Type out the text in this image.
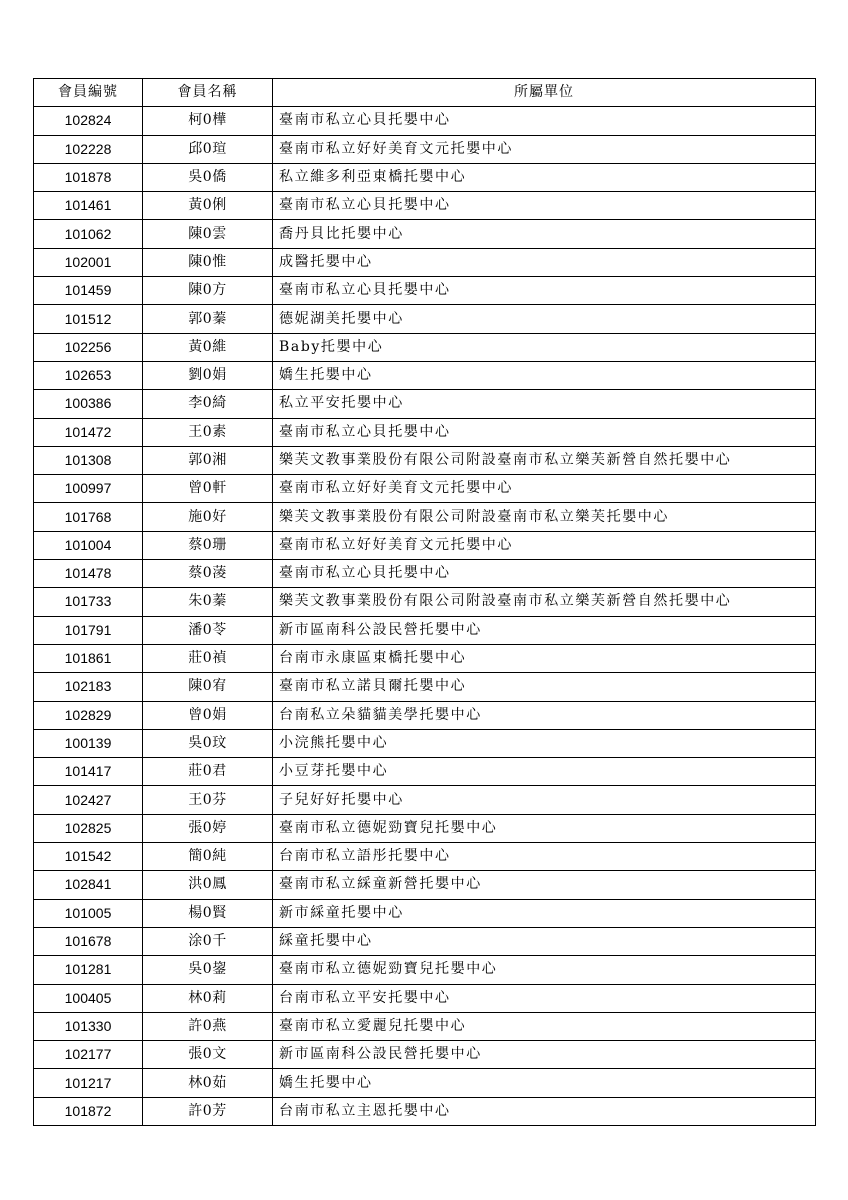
會員編號	會員名稱	所屬單位
102824	柯0樺	臺南市私立心貝托嬰中心
102228	邱0瑄	臺南市私立好好美育文元托嬰中心
101878	吳0僑	私立維多利亞東橋托嬰中心
101461	黃0俐	臺南市私立心貝托嬰中心
101062	陳0雲	喬丹貝比托嬰中心
102001	陳0惟	成醫托嬰中心
101459	陳0方	臺南市私立心貝托嬰中心
101512	郭0蓁	德妮湖美托嬰中心
102256	黃0維	Baby托嬰中心
102653	劉0娟	嬌生托嬰中心
100386	李0綺	私立平安托嬰中心
101472	王0素	臺南市私立心貝托嬰中心
101308	郭0湘	樂芙文教事業股份有限公司附設臺南市私立樂芙新營自然托嬰中心
100997	曾0軒	臺南市私立好好美育文元托嬰中心
101768	施0好	樂芙文教事業股份有限公司附設臺南市私立樂芙托嬰中心
101004	蔡0珊	臺南市私立好好美育文元托嬰中心
101478	蔡0蓤	臺南市私立心貝托嬰中心
101733	朱0蓁	樂芙文教事業股份有限公司附設臺南市私立樂芙新營自然托嬰中心
101791	潘0苓	新市區南科公設民營托嬰中心
101861	莊0禎	台南市永康區東橋托嬰中心
102183	陳0宥	臺南市私立諾貝爾托嬰中心
102829	曾0娟	台南私立朵貓貓美學托嬰中心
100139	吳0玟	小浣熊托嬰中心
101417	莊0君	小豆芽托嬰中心
102427	王0芬	子兒好好托嬰中心
102825	張0婷	臺南市私立德妮勁寶兒托嬰中心
101542	簡0純	台南市私立語彤托嬰中心
102841	洪0鳳	臺南市私立綵童新營托嬰中心
101005	楊0賢	新市綵童托嬰中心
101678	涂0千	綵童托嬰中心
101281	吳0鋆	臺南市私立德妮勁寶兒托嬰中心
100405	林0莉	台南市私立平安托嬰中心
101330	許0燕	臺南市私立愛麗兒托嬰中心
102177	張0文	新市區南科公設民營托嬰中心
101217	林0茹	嬌生托嬰中心
101872	許0芳	台南市私立主恩托嬰中心
